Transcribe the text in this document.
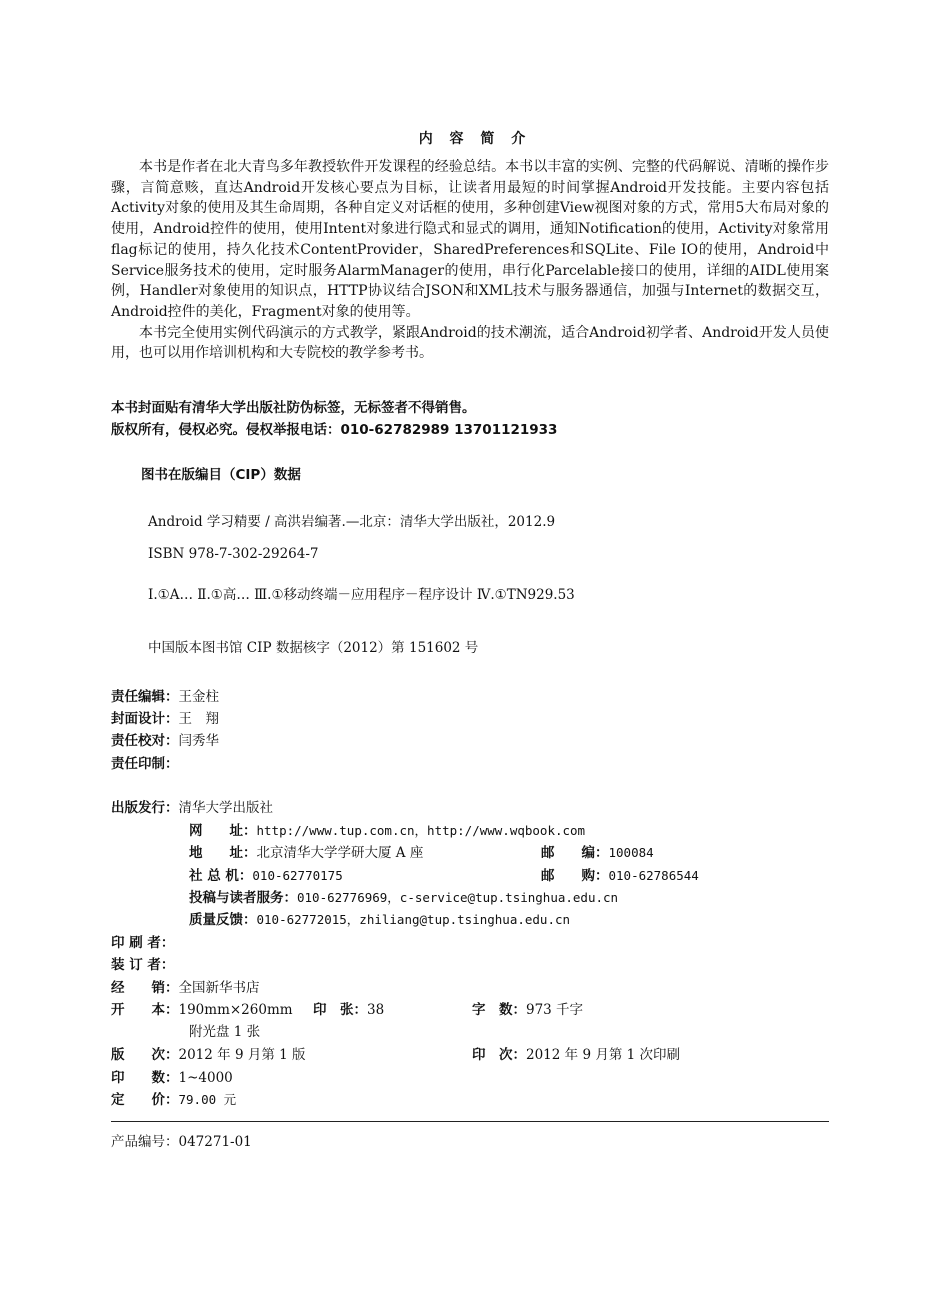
内 容 简 介

本书是作者在北大青鸟多年教授软件开发课程的经验总结。本书以丰富的实例、完整的代码解说、清晰的操作步骤，言简意赅，直达Android开发核心要点为目标，让读者用最短的时间掌握Android开发技能。主要内容包括Activity对象的使用及其生命周期，各种自定义对话框的使用，多种创建View视图对象的方式，常用5大布局对象的使用，Android控件的使用，使用Intent对象进行隐式和显式的调用，通知Notification的使用，Activity对象常用flag标记的使用，持久化技术ContentProvider，SharedPreferences和SQLite、File IO的使用，Android中Service服务技术的使用，定时服务AlarmManager的使用，串行化Parcelable接口的使用，详细的AIDL使用案例，Handler对象使用的知识点，HTTP协议结合JSON和XML技术与服务器通信，加强与Internet的数据交互，Android控件的美化，Fragment对象的使用等。

本书完全使用实例代码演示的方式教学，紧跟Android的技术潮流，适合Android初学者、Android开发人员使用，也可以用作培训机构和大专院校的教学参考书。

本书封面贴有清华大学出版社防伪标签，无标签者不得销售。
版权所有，侵权必究。侵权举报电话：010-62782989 13701121933
图书在版编目（CIP）数据
Android 学习精要 / 高洪岩编著.—北京：清华大学出版社，2012.9
ISBN 978-7-302-29264-7
Ⅰ.①A… Ⅱ.①高… Ⅲ.①移动终端－应用程序－程序设计 Ⅳ.①TN929.53
中国版本图书馆 CIP 数据核字（2012）第 151602 号
责任编辑：王金柱
封面设计：王　翔
责任校对：闫秀华
责任印制：
出版发行：清华大学出版社
网　　址：http://www.tup.com.cn，http://www.wqbook.com
地　　址：北京清华大学学研大厦 A 座	邮　　编：100084
社 总 机：010-62770175	邮　　购：010-62786544
投稿与读者服务：010-62776969，c-service@tup.tsinghua.edu.cn
质量反馈：010-62772015，zhiliang@tup.tsinghua.edu.cn
印 刷 者：
装 订 者：
经　　销：全国新华书店
开　　本：190mm×260mm 印　张：38	字　数：973 千字
附光盘 1 张
版　　次：2012 年 9 月第 1 版	印　次：2012 年 9 月第 1 次印刷
印　　数：1~4000
定　　价：79.00 元
产品编号：047271-01
